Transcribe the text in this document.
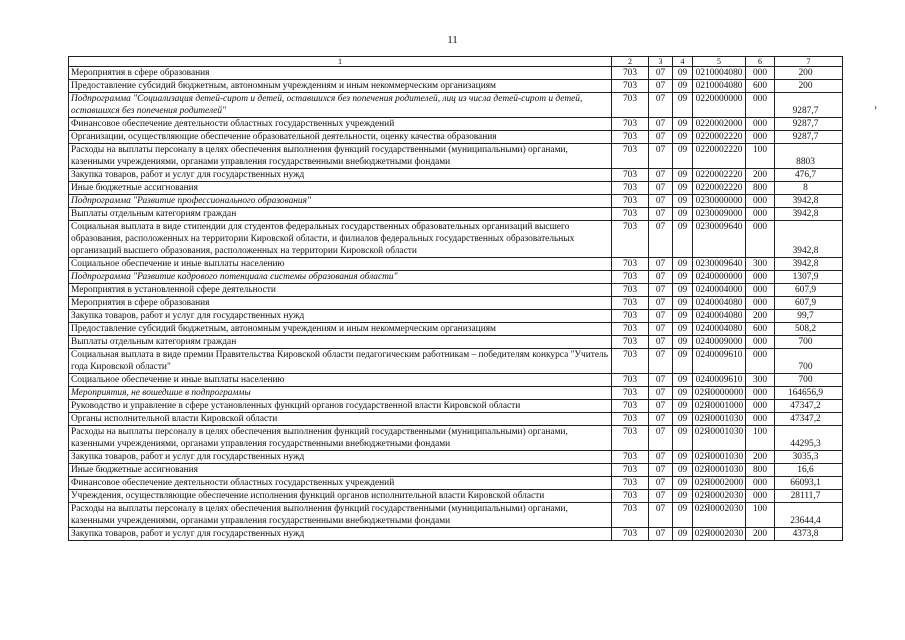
11
›
1	2	3	4	5	6	7
Мероприятия в сфере образования	703	07	09	0210004080	000	200
Предоставление субсидий бюджетным, автономным учреждениям и иным некоммерческим организациям	703	07	09	0210004080	600	200
Подпрограмма "Социализация детей-сирот и детей, оставшихся без попечения родителей, лиц из числа детей-сирот и детей, оставшихся без попечения родителей"	703	07	09	0220000000	000	9287,7
Финансовое обеспечение деятельности областных государственных учреждений	703	07	09	0220002000	000	9287,7
Организации, осуществляющие обеспечение образовательной деятельности, оценку качества образования	703	07	09	0220002220	000	9287,7
Расходы на выплаты персоналу в целях обеспечения выполнения функций государственными (муниципальными) органами, казенными учреждениями, органами управления государственными внебюджетными фондами	703	07	09	0220002220	100	8803
Закупка товаров, работ и услуг для государственных нужд	703	07	09	0220002220	200	476,7
Иные бюджетные ассигнования	703	07	09	0220002220	800	8
Подпрограмма "Развитие профессионального образования"	703	07	09	0230000000	000	3942,8
Выплаты отдельным категориям граждан	703	07	09	0230009000	000	3942,8
Социальная выплата в виде стипендии для студентов федеральных государственных образовательных организаций высшего образования, расположенных на территории Кировской области, и филиалов федеральных государственных образовательных организаций высшего образования, расположенных на территории Кировской области	703	07	09	0230009640	000	3942,8
Социальное обеспечение и иные выплаты населению	703	07	09	0230009640	300	3942,8
Подпрограмма "Развитие кадрового потенциала системы образования области"	703	07	09	0240000000	000	1307,9
Мероприятия в установленной сфере деятельности	703	07	09	0240004000	000	607,9
Мероприятия в сфере образования	703	07	09	0240004080	000	607,9
Закупка товаров, работ и услуг для государственных нужд	703	07	09	0240004080	200	99,7
Предоставление субсидий бюджетным, автономным учреждениям и иным некоммерческим организациям	703	07	09	0240004080	600	508,2
Выплаты отдельным категориям граждан	703	07	09	0240009000	000	700
Социальная выплата в виде премии Правительства Кировской области педагогическим работникам – победителям конкурса "Учитель года Кировской области"	703	07	09	0240009610	000	700
Социальное обеспечение и иные выплаты населению	703	07	09	0240009610	300	700
Мероприятия, не вошедшие в подпрограммы	703	07	09	02Я0000000	000	164656,9
Руководство и управление в сфере установленных функций органов государственной власти Кировской области	703	07	09	02Я0001000	000	47347,2
Органы исполнительной власти Кировской области	703	07	09	02Я0001030	000	47347,2
Расходы на выплаты персоналу в целях обеспечения выполнения функций государственными (муниципальными) органами, казенными учреждениями, органами управления государственными внебюджетными фондами	703	07	09	02Я0001030	100	44295,3
Закупка товаров, работ и услуг для государственных нужд	703	07	09	02Я0001030	200	3035,3
Иные бюджетные ассигнования	703	07	09	02Я0001030	800	16,6
Финансовое обеспечение деятельности областных государственных учреждений	703	07	09	02Я0002000	000	66093,1
Учреждения, осуществляющие обеспечение исполнения функций органов исполнительной власти Кировской области	703	07	09	02Я0002030	000	28111,7
Расходы на выплаты персоналу в целях обеспечения выполнения функций государственными (муниципальными) органами, казенными учреждениями, органами управления государственными внебюджетными фондами	703	07	09	02Я0002030	100	23644,4
Закупка товаров, работ и услуг для государственных нужд	703	07	09	02Я0002030	200	4373,8
